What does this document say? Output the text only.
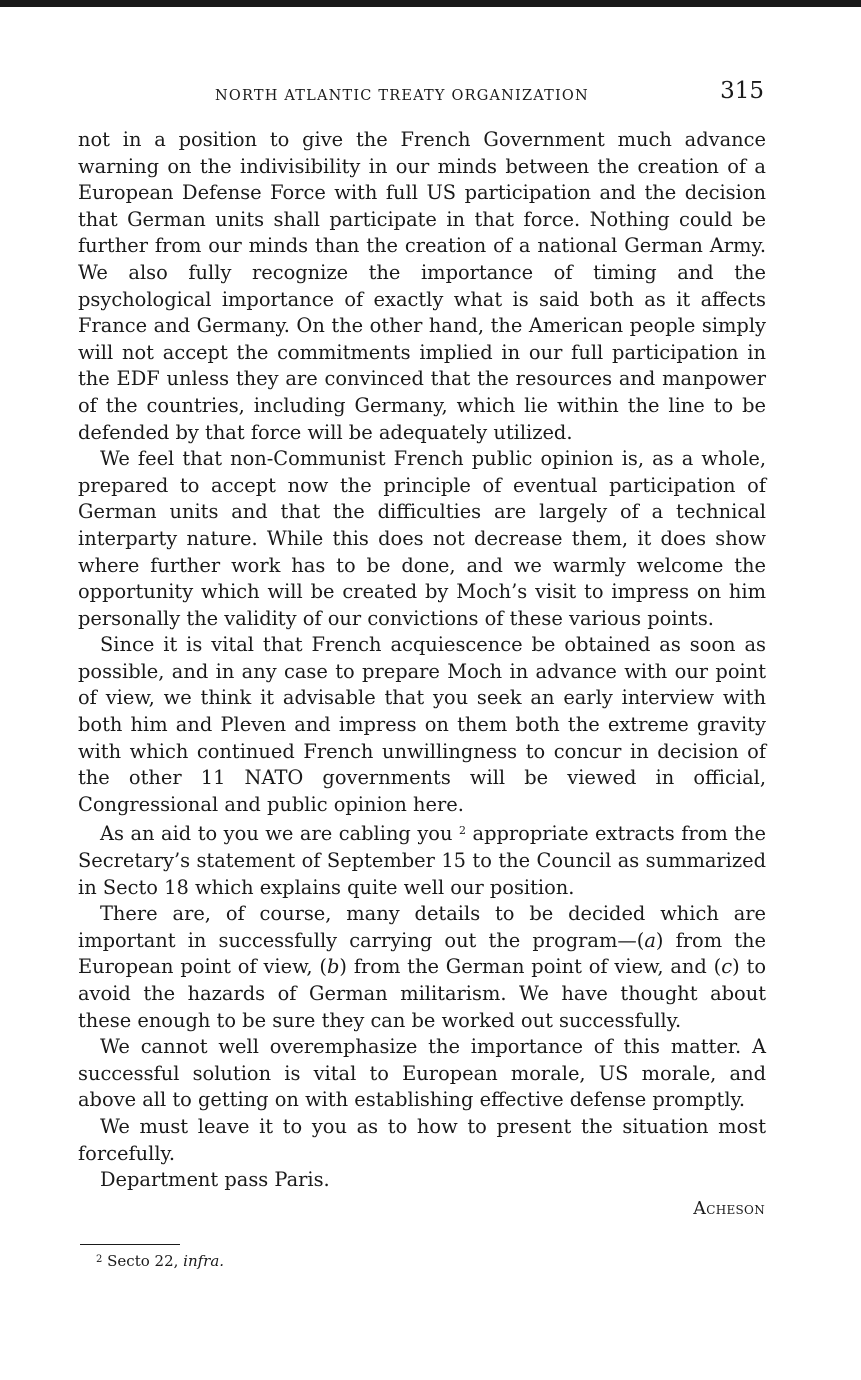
NORTH ATLANTIC TREATY ORGANIZATION	315

not in a position to give the French Government much advance warning on the indivisibility in our minds between the creation of a European Defense Force with full US participation and the decision that German units shall participate in that force. Nothing could be further from our minds than the creation of a national German Army. We also fully recognize the importance of timing and the psychological importance of exactly what is said both as it affects France and Germany. On the other hand, the American people simply will not accept the commitments implied in our full participation in the EDF unless they are convinced that the resources and manpower of the countries, including Germany, which lie within the line to be defended by that force will be adequately utilized.

We feel that non-Communist French public opinion is, as a whole, prepared to accept now the principle of eventual participation of German units and that the difficulties are largely of a technical interparty nature. While this does not decrease them, it does show where further work has to be done, and we warmly welcome the opportunity which will be created by Moch’s visit to impress on him personally the validity of our convictions of these various points.

Since it is vital that French acquiescence be obtained as soon as possible, and in any case to prepare Moch in advance with our point of view, we think it advisable that you seek an early interview with both him and Pleven and impress on them both the extreme gravity with which continued French unwillingness to concur in decision of the other 11 NATO governments will be viewed in official, Congressional and public opinion here.

As an aid to you we are cabling you $^2$ appropriate extracts from the Secretary’s statement of September 15 to the Council as summarized in Secto 18 which explains quite well our position.

There are, of course, many details to be decided which are important in successfully carrying out the program—(a) from the European point of view, (b) from the German point of view, and (c) to avoid the hazards of German militarism. We have thought about these enough to be sure they can be worked out successfully.

We cannot well overemphasize the importance of this matter. A successful solution is vital to European morale, US morale, and above all to getting on with establishing effective defense promptly.

We must leave it to you as to how to present the situation most forcefully.

Department pass Paris.

Acheson
$^2$ Secto 22, infra.
